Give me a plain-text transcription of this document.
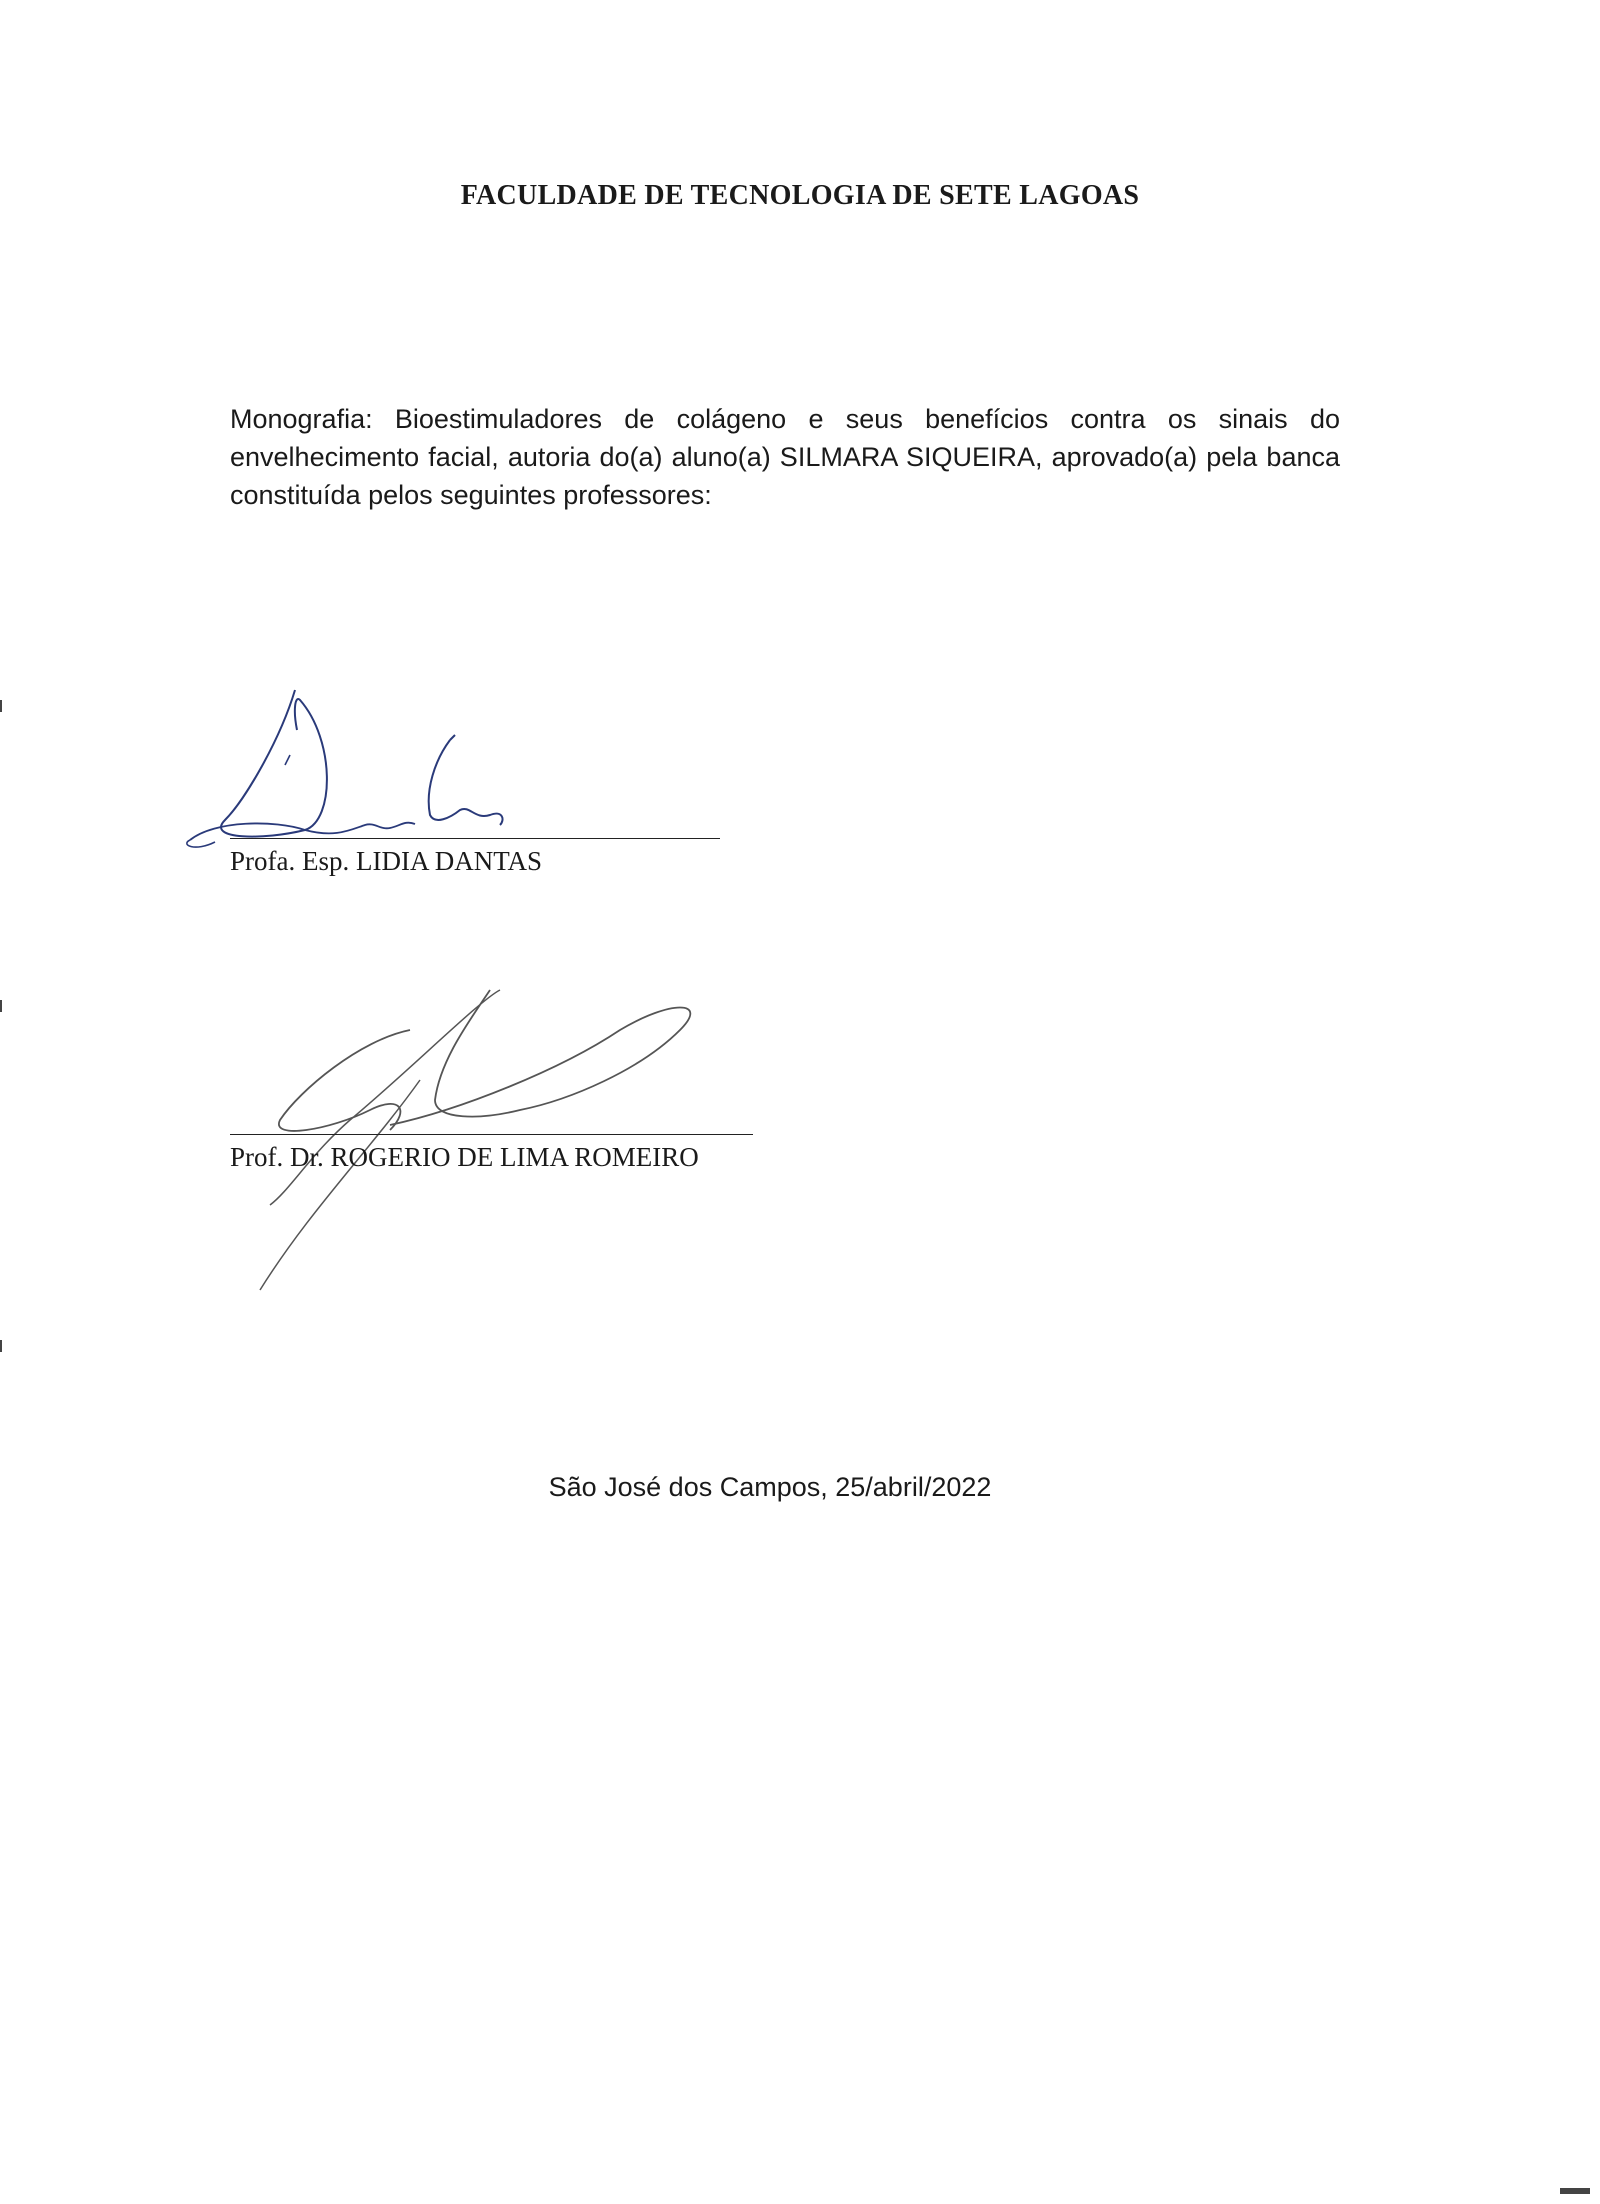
FACULDADE DE TECNOLOGIA DE SETE LAGOAS
Monografia: Bioestimuladores de colágeno e seus benefícios contra os sinais do envelhecimento facial, autoria do(a) aluno(a) SILMARA SIQUEIRA, aprovado(a) pela banca constituída pelos seguintes professores:
Profa. Esp. LIDIA DANTAS
Prof. Dr. ROGERIO DE LIMA ROMEIRO
São José dos Campos, 25/abril/2022
